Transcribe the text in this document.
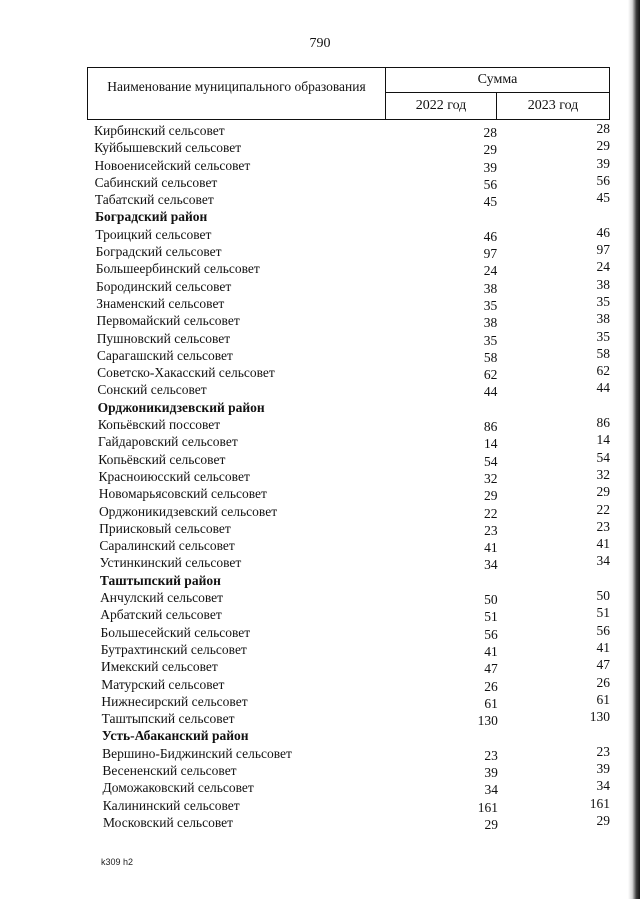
790
Наименование муниципального образования	Сумма
2022 год	2023 год
Кирбинский сельсовет	28	28
Куйбышевский сельсовет	29	29
Новоенисейский сельсовет	39	39
Сабинский сельсовет	56	56
Табатский сельсовет	45	45
Боградский район
Троицкий сельсовет	46	46
Боградский сельсовет	97	97
Большеербинский сельсовет	24	24
Бородинский сельсовет	38	38
Знаменский сельсовет	35	35
Первомайский сельсовет	38	38
Пушновский сельсовет	35	35
Сарагашский сельсовет	58	58
Советско-Хакасский сельсовет	62	62
Сонский сельсовет	44	44
Орджоникидзевский район
Копьёвский поссовет	86	86
Гайдаровский сельсовет	14	14
Копьёвский сельсовет	54	54
Красноиюсский сельсовет	32	32
Новомарьясовский сельсовет	29	29
Орджоникидзевский сельсовет	22	22
Приисковый сельсовет	23	23
Саралинский сельсовет	41	41
Устинкинский сельсовет	34	34
Таштыпский район
Анчулский сельсовет	50	50
Арбатский сельсовет	51	51
Большесейский сельсовет	56	56
Бутрахтинский сельсовет	41	41
Имекский сельсовет	47	47
Матурский сельсовет	26	26
Нижнесирский сельсовет	61	61
Таштыпский сельсовет	130	130
Усть-Абаканский район
Вершино-Биджинский сельсовет	23	23
Весененский сельсовет	39	39
Доможаковский сельсовет	34	34
Калининский сельсовет	161	161
Московский сельсовет	29	29
k309 h2
